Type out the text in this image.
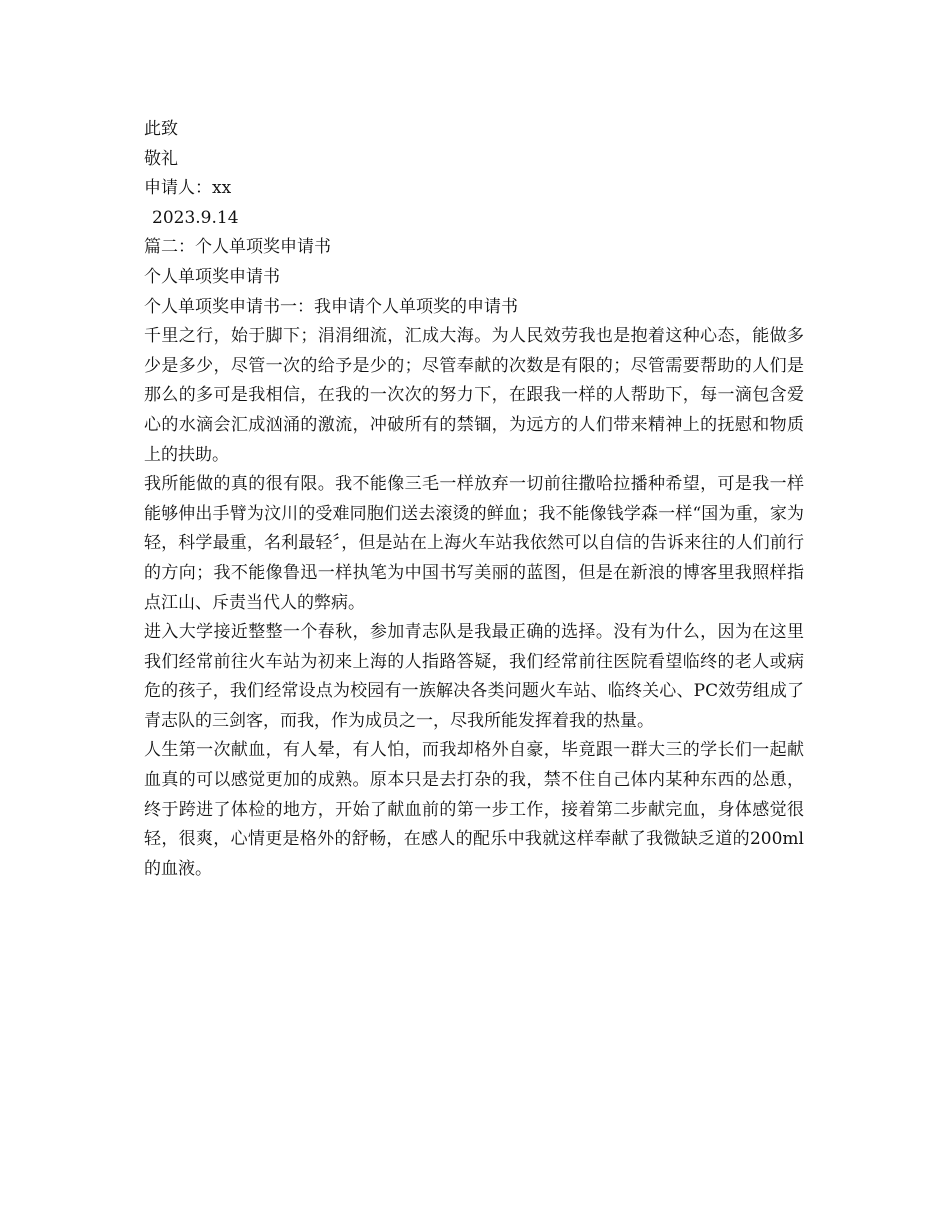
此致

敬礼

申请人：xx

2023.9.14

篇二：个人单项奖申请书

个人单项奖申请书

个人单项奖申请书一：我申请个人单项奖的申请书

千里之行，始于脚下；涓涓细流，汇成大海。为人民效劳我也是抱着这种心态，能做多少是多少，尽管一次的给予是少的；尽管奉献的次数是有限的；尽管需要帮助的人们是那么的多可是我相信，在我的一次次的努力下，在跟我一样的人帮助下，每一滴包含爱心的水滴会汇成汹涌的激流，冲破所有的禁锢，为远方的人们带来精神上的抚慰和物质上的扶助。

我所能做的真的很有限。我不能像三毛一样放弃一切前往撒哈拉播种希望，可是我一样能够伸出手臂为汶川的受难同胞们送去滚烫的鲜血；我不能像钱学森一样“国为重，家为轻，科学最重，名利最轻〞，但是站在上海火车站我依然可以自信的告诉来往的人们前行的方向；我不能像鲁迅一样执笔为中国书写美丽的蓝图，但是在新浪的博客里我照样指点江山、斥责当代人的弊病。

进入大学接近整整一个春秋，参加青志队是我最正确的选择。没有为什么，因为在这里我们经常前往火车站为初来上海的人指路答疑，我们经常前往医院看望临终的老人或病危的孩子，我们经常设点为校园有一族解决各类问题火车站、临终关心、PC效劳组成了青志队的三剑客，而我，作为成员之一，尽我所能发挥着我的热量。

人生第一次献血，有人晕，有人怕，而我却格外自豪，毕竟跟一群大三的学长们一起献血真的可以感觉更加的成熟。原本只是去打杂的我，禁不住自己体内某种东西的怂恿，终于跨进了体检的地方，开始了献血前的第一步工作，接着第二步献完血，身体感觉很轻，很爽，心情更是格外的舒畅，在感人的配乐中我就这样奉献了我微缺乏道的200ml的血液。
